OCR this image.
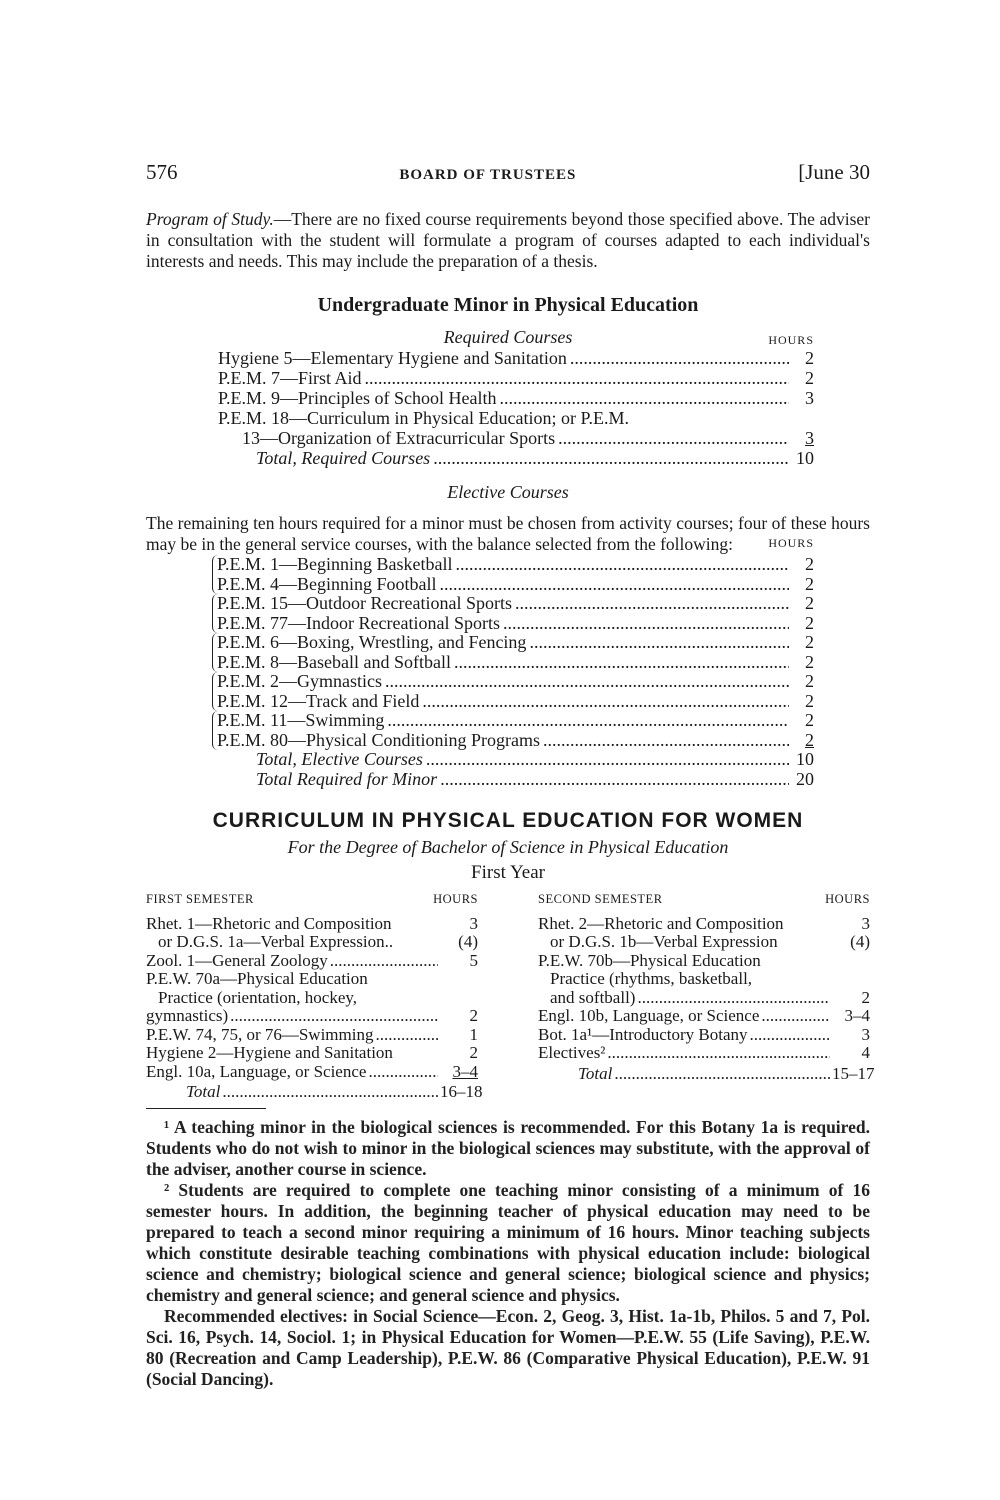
576	BOARD OF TRUSTEES	[June 30

Program of Study.—There are no fixed course requirements beyond those specified above. The adviser in consultation with the student will formulate a program of courses adapted to each individual's interests and needs. This may include the preparation of a thesis.

Undergraduate Minor in Physical Education
Required Courses	HOURS
Hygiene 5—Elementary Hygiene and Sanitation .....	2
P.E.M. 7—First Aid .....	2
P.E.M. 9—Principles of School Health .....	3
P.E.M. 18—Curriculum in Physical Education; or P.E.M.
13—Organization of Extracurricular Sports .....	3
Total, Required Courses .....	10
Elective Courses

The remaining ten hours required for a minor must be chosen from activity courses; four of these hours may be in the general service courses, with the balance selected from the following:	HOURS
P.E.M. 1—Beginning Basketball .....	2
P.E.M. 4—Beginning Football .....	2
P.E.M. 15—Outdoor Recreational Sports .....	2
P.E.M. 77—Indoor Recreational Sports .....	2
P.E.M. 6—Boxing, Wrestling, and Fencing .....	2
P.E.M. 8—Baseball and Softball .....	2
P.E.M. 2—Gymnastics .....	2
P.E.M. 12—Track and Field .....	2
P.E.M. 11—Swimming .....	2
P.E.M. 80—Physical Conditioning Programs .....	2
Total, Elective Courses .....	10
Total Required for Minor .....	20
CURRICULUM IN PHYSICAL EDUCATION FOR WOMEN
For the Degree of Bachelor of Science in Physical Education
First Year
FIRST SEMESTER	HOURS
Rhet. 1—Rhetoric and Composition	3
or D.G.S. 1a—Verbal Expression..	(4)
Zool. 1—General Zoology .....	5
P.E.W. 70a—Physical Education
Practice (orientation, hockey,
gymnastics) .....	2
P.E.W. 74, 75, or 76—Swimming .....	1
Hygiene 2—Hygiene and Sanitation	2
Engl. 10a, Language, or Science .....	3–4
Total .....	16–18
SECOND SEMESTER	HOURS
Rhet. 2—Rhetoric and Composition	3
or D.G.S. 1b—Verbal Expression	(4)
P.E.W. 70b—Physical Education
Practice (rhythms, basketball,
and softball) .....	2
Engl. 10b, Language, or Science .....	3–4
Bot. 1a¹—Introductory Botany .....	3
Electives² .....	4
Total .....	15–17

¹ A teaching minor in the biological sciences is recommended. For this Botany 1a is required. Students who do not wish to minor in the biological sciences may substitute, with the approval of the adviser, another course in science.

² Students are required to complete one teaching minor consisting of a minimum of 16 semester hours. In addition, the beginning teacher of physical education may need to be prepared to teach a second minor requiring a minimum of 16 hours. Minor teaching subjects which constitute desirable teaching combinations with physical education include: biological science and chemistry; biological science and general science; biological science and physics; chemistry and general science; and general science and physics.

Recommended electives: in Social Science—Econ. 2, Geog. 3, Hist. 1a-1b, Philos. 5 and 7, Pol. Sci. 16, Psych. 14, Sociol. 1; in Physical Education for Women—P.E.W. 55 (Life Saving), P.E.W. 80 (Recreation and Camp Leadership), P.E.W. 86 (Comparative Physical Education), P.E.W. 91 (Social Dancing).
